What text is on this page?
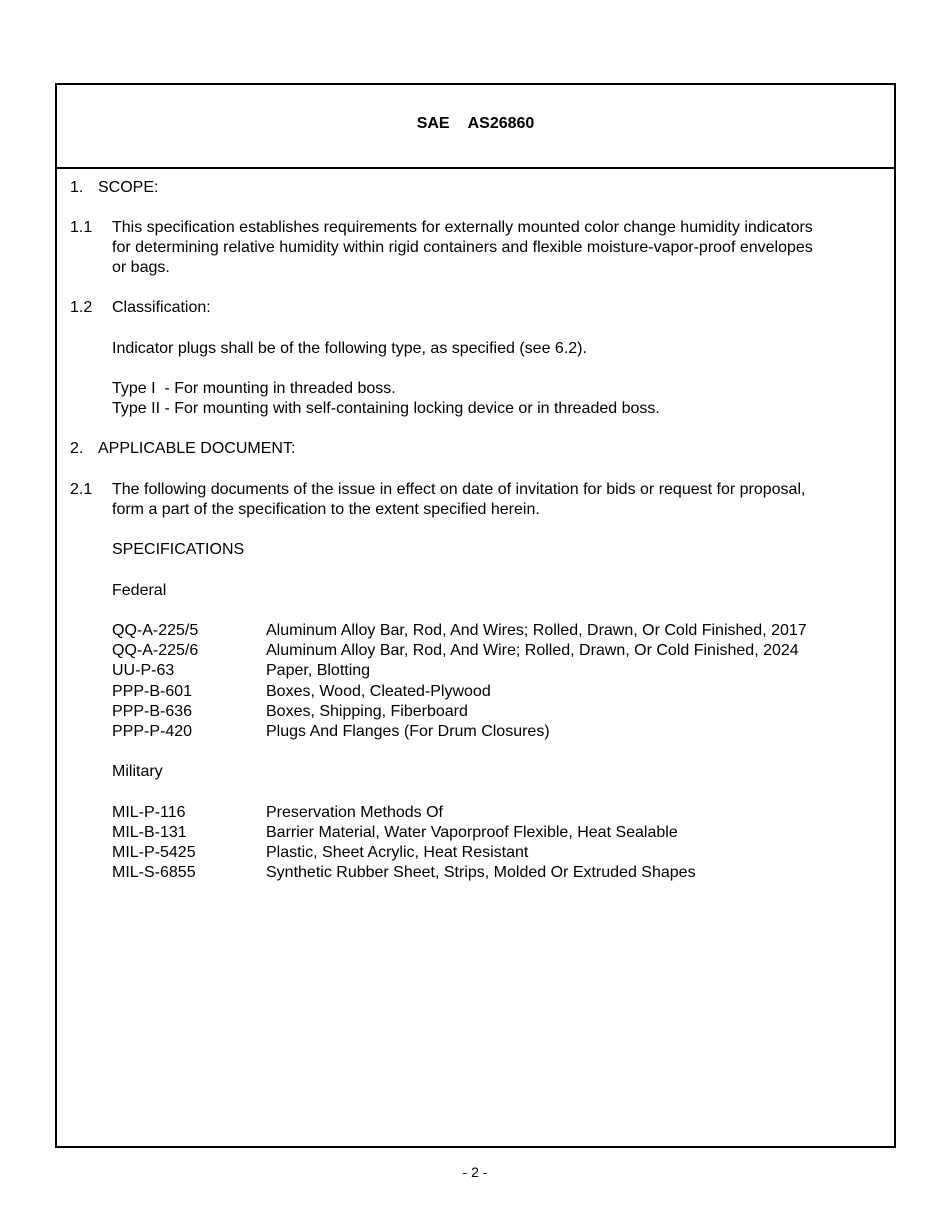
SAE AS26860
1. SCOPE:
1.1 This specification establishes requirements for externally mounted color change humidity indicators
for determining relative humidity within rigid containers and flexible moisture-vapor-proof envelopes
or bags.
1.2 Classification:
Indicator plugs shall be of the following type, as specified (see 6.2).
Type I  - For mounting in threaded boss.
Type II - For mounting with self-containing locking device or in threaded boss.
2. APPLICABLE DOCUMENT:
2.1 The following documents of the issue in effect on date of invitation for bids or request for proposal,
form a part of the specification to the extent specified herein.
SPECIFICATIONS
Federal
QQ-A-225/5	Aluminum Alloy Bar, Rod, And Wires; Rolled, Drawn, Or Cold Finished, 2017
QQ-A-225/6	Aluminum Alloy Bar, Rod, And Wire; Rolled, Drawn, Or Cold Finished, 2024
UU-P-63	Paper, Blotting
PPP-B-601	Boxes, Wood, Cleated-Plywood
PPP-B-636	Boxes, Shipping, Fiberboard
PPP-P-420	Plugs And Flanges (For Drum Closures)
Military
MIL-P-116	Preservation Methods Of
MIL-B-131	Barrier Material, Water Vaporproof Flexible, Heat Sealable
MIL-P-5425	Plastic, Sheet Acrylic, Heat Resistant
MIL-S-6855	Synthetic Rubber Sheet, Strips, Molded Or Extruded Shapes
- 2 -
